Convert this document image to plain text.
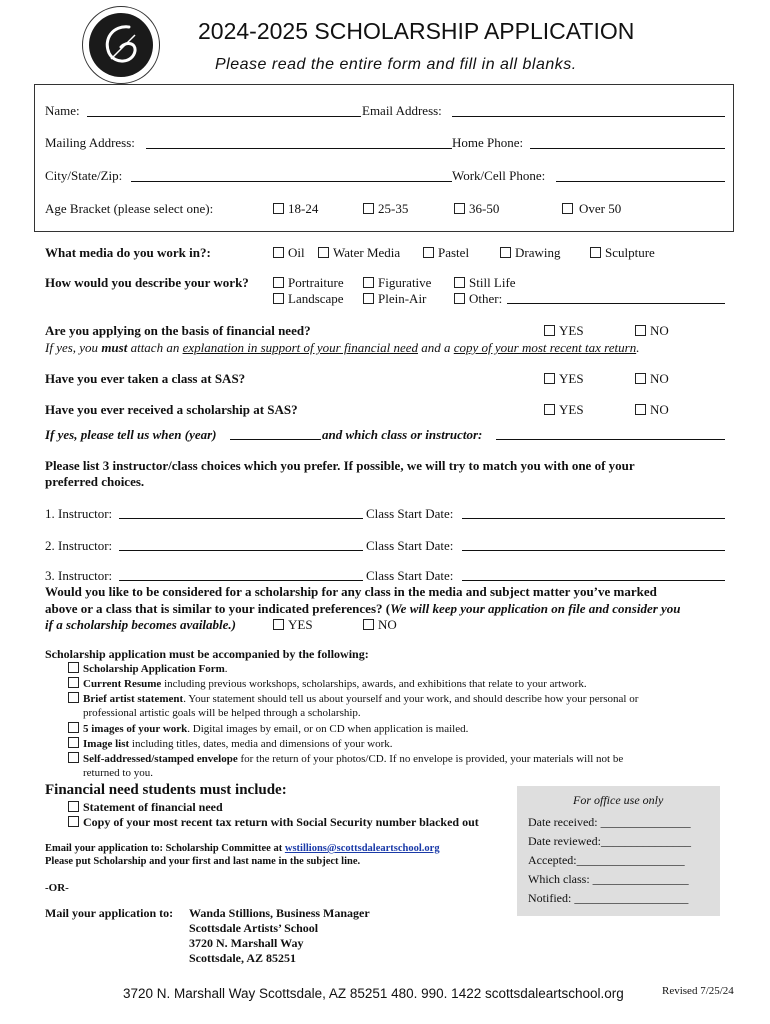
2024-2025 SCHOLARSHIP APPLICATION
Please read the entire form and fill in all blanks.
Name:	Email Address:
Mailing Address:	Home Phone:
City/State/Zip:	Work/Cell Phone:
Age Bracket (please select one):	18-24	25-35	36-50	Over 50
What media do you work in?:	Oil	Water Media	Pastel	Drawing	Sculpture
How would you describe your work?	Portraiture	Figurative	Still Life
Landscape	Plein-Air	Other:
Are you applying on the basis of financial need?	YES	NO
If yes, you must attach an explanation in support of your financial need and a copy of your most recent tax return.
Have you ever taken a class at SAS?	YES	NO
Have you ever received a scholarship at SAS?	YES	NO
If yes, please tell us when (year)	and which class or instructor:
Please list 3 instructor/class choices which you prefer. If possible, we will try to match you with one of your
preferred choices.
1. Instructor:	Class Start Date:
2. Instructor:	Class Start Date:
3. Instructor:	Class Start Date:
Would you like to be considered for a scholarship for any class in the media and subject matter you’ve marked
above or a class that is similar to your indicated preferences? (We will keep your application on file and consider you
if a scholarship becomes available.)	YES	NO
Scholarship application must be accompanied by the following:
Scholarship Application Form.
Current Resume including previous workshops, scholarships, awards, and exhibitions that relate to your artwork.
Brief artist statement. Your statement should tell us about yourself and your work, and should describe how your personal or
professional artistic goals will be helped through a scholarship.
5 images of your work. Digital images by email, or on CD when application is mailed.
Image list including titles, dates, media and dimensions of your work.
Self-addressed/stamped envelope for the return of your photos/CD. If no envelope is provided, your materials will not be
returned to you.
Financial need students must include:
Statement of financial need
Copy of your most recent tax return with Social Security number blacked out
For office use only
Date received: _______________
Date reviewed:_______________
Accepted:__________________
Which class: ________________
Notified: ___________________
Email your application to: Scholarship Committee at wstillions@scottsdaleartschool.org
Please put Scholarship and your first and last name in the subject line.
-OR-
Mail your application to: Wanda Stillions, Business Manager
Scottsdale Artists’ School
3720 N. Marshall Way
Scottsdale, AZ 85251
3720 N. Marshall Way Scottsdale, AZ 85251 480. 990. 1422 scottsdaleartschool.org	Revised 7/25/24
